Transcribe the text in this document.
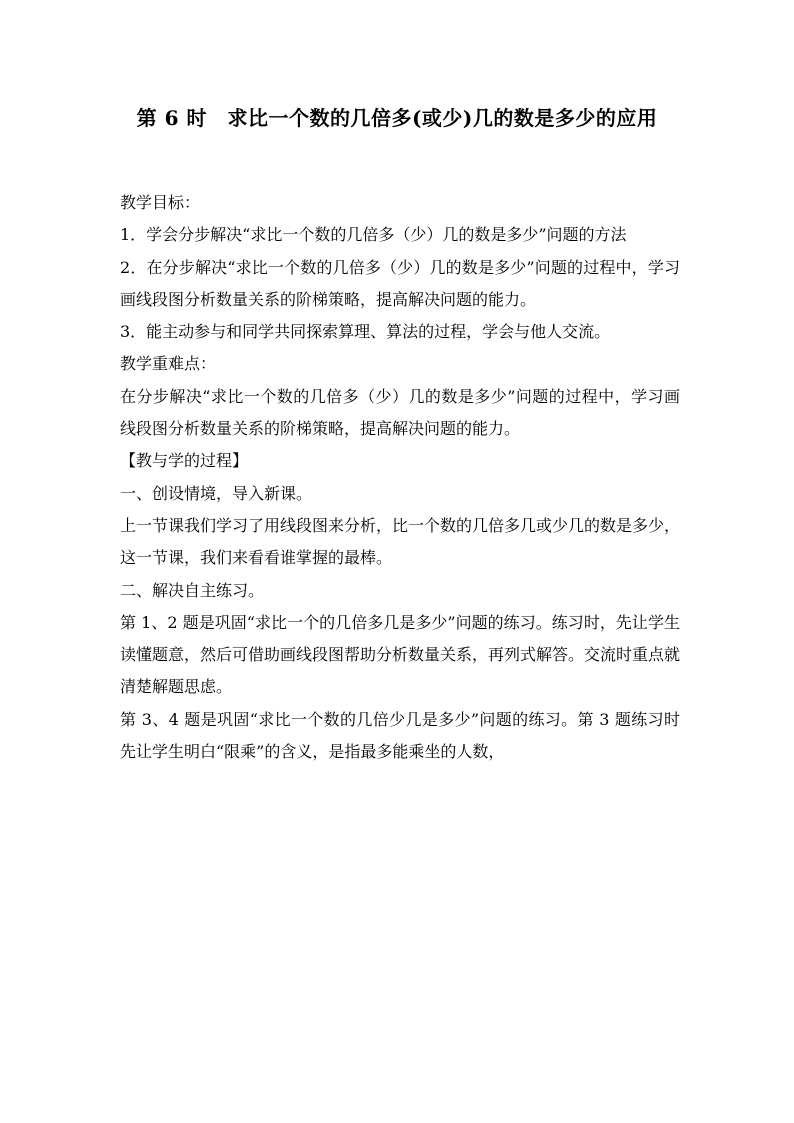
第 6 时　求比一个数的几倍多(或少)几的数是多少的应用

教学目标：

1．学会分步解决“求比一个数的几倍多（少）几的数是多少”问题的方法

2．在分步解决“求比一个数的几倍多（少）几的数是多少”问题的过程中，学习画线段图分析数量关系的阶梯策略，提高解决问题的能力。

3．能主动参与和同学共同探索算理、算法的过程，学会与他人交流。

教学重难点：

在分步解决“求比一个数的几倍多（少）几的数是多少”问题的过程中，学习画线段图分析数量关系的阶梯策略，提高解决问题的能力。

【教与学的过程】

一、创设情境，导入新课。

上一节课我们学习了用线段图来分析，比一个数的几倍多几或少几的数是多少，这一节课，我们来看看谁掌握的最棒。

二、解决自主练习。

第 1、2 题是巩固“求比一个的几倍多几是多少”问题的练习。练习时，先让学生读懂题意，然后可借助画线段图帮助分析数量关系，再列式解答。交流时重点就清楚解题思虑。

第 3、4 题是巩固“求比一个数的几倍少几是多少”问题的练习。第 3 题练习时先让学生明白“限乘”的含义，是指最多能乘坐的人数，
